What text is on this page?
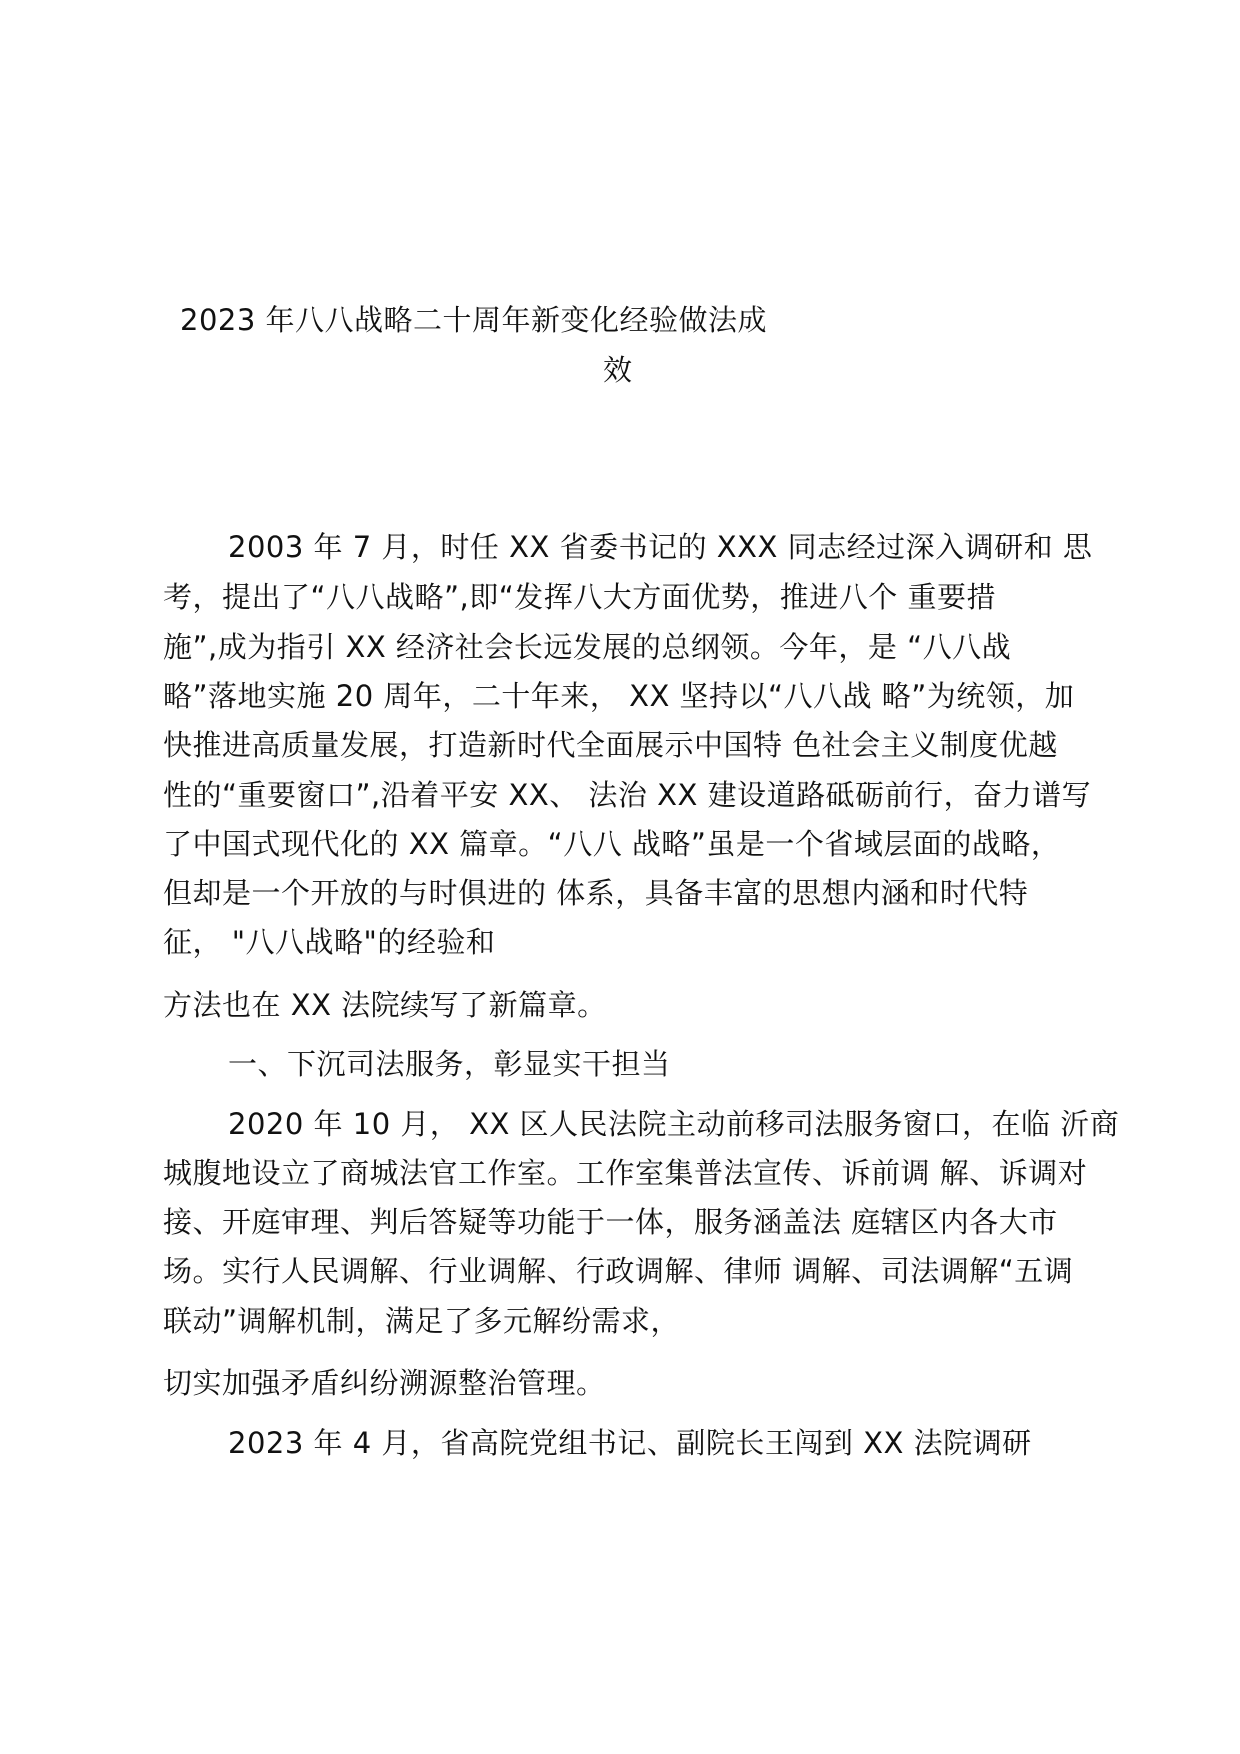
2023 年八八战略二十周年新变化经验做法成
效

2003 年 7 月，时任 XX 省委书记的 XXX 同志经过深入调研和 思

考，提出了“八八战略”,即“发挥八大方面优势，推进八个 重要措

施”,成为指引 XX 经济社会长远发展的总纲领。今年，是 “八八战

略”落地实施 20 周年，二十年来， XX 坚持以“八八战 略”为统领，加

快推进高质量发展，打造新时代全面展示中国特 色社会主义制度优越

性的“重要窗口”,沿着平安 XX、 法治 XX 建设道路砥砺前行，奋力谱写

了中国式现代化的 XX 篇章。“八八 战略”虽是一个省域层面的战略，

但却是一个开放的与时俱进的 体系，具备丰富的思想内涵和时代特

征， "八八战略"的经验和

方法也在 XX 法院续写了新篇章。

一、下沉司法服务，彰显实干担当

2020 年 10 月， XX 区人民法院主动前移司法服务窗口，在临 沂商

城腹地设立了商城法官工作室。工作室集普法宣传、诉前调 解、诉调对

接、开庭审理、判后答疑等功能于一体，服务涵盖法 庭辖区内各大市

场。实行人民调解、行业调解、行政调解、律师 调解、司法调解“五调

联动”调解机制，满足了多元解纷需求，

切实加强矛盾纠纷溯源整治管理。

2023 年 4 月，省高院党组书记、副院长王闯到 XX 法院调研
